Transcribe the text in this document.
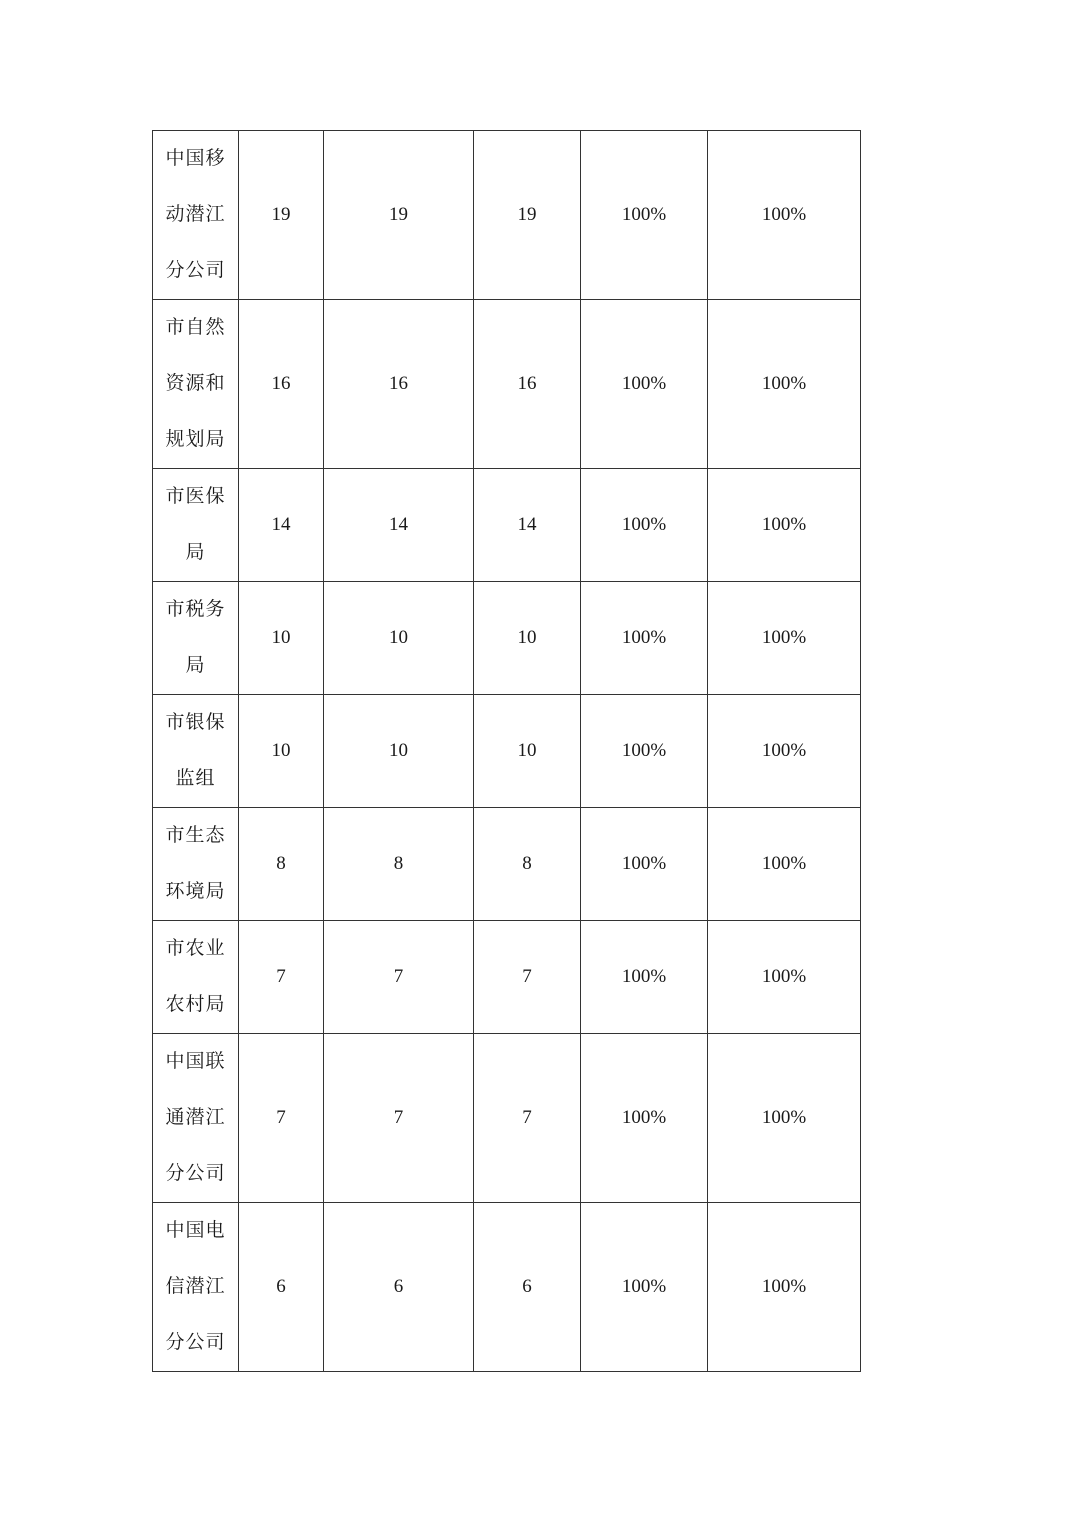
中国移动潜江分公司	19	19	19	100%	100%

市自然资源和规划局	16	16	16	100%	100%

市医保局	14	14	14	100%	100%

市税务局	10	10	10	100%	100%

市银保监组	10	10	10	100%	100%

市生态环境局	8	8	8	100%	100%

市农业农村局	7	7	7	100%	100%

中国联通潜江分公司	7	7	7	100%	100%

中国电信潜江分公司	6	6	6	100%	100%
